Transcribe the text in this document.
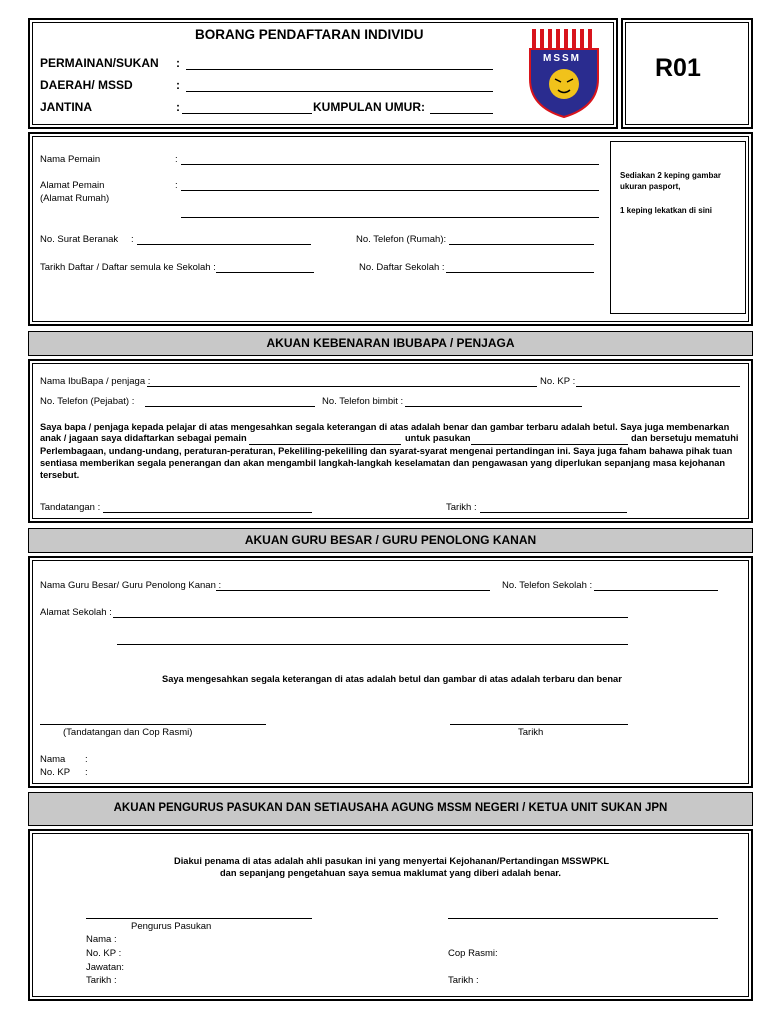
BORANG PENDAFTARAN INDIVIDU
PERMAINAN/SUKAN :
DAERAH/ MSSD	:
JANTINA	:	KUMPULAN UMUR:
MSSM	R01
Sediakan 2 keping gambar ukuran pasport,
1 keping lekatkan di sini
Nama Pemain	:
Alamat Pemain
(Alamat Rumah)
:
No. Surat Beranak :	No. Telefon (Rumah):
Tarikh Daftar / Daftar semula ke Sekolah :	No. Daftar Sekolah :
AKUAN KEBENARAN IBUBAPA / PENJAGA
Nama IbuBapa / penjaga :	No. KP :
No. Telefon (Pejabat) :	No. Telefon bimbit :
Saya bapa / penjaga kepada pelajar di atas mengesahkan segala keterangan di atas adalah benar dan gambar terbaru adalah betul. Saya juga membenarkan
anak / jagaan saya didaftarkan sebagai pemain	untuk pasukan	dan bersetuju mematuhi
Perlembagaan, undang-undang, peraturan-peraturan, Pekeliling-pekeliling dan syarat-syarat mengenai pertandingan ini. Saya juga faham bahawa pihak tuan
sentiasa memberikan segala penerangan dan akan mengambil langkah-langkah keselamatan dan pengawasan yang diperlukan sepanjang masa kejohanan
tersebut.
Tandatangan :	Tarikh :
AKUAN GURU BESAR / GURU PENOLONG KANAN
Nama Guru Besar/ Guru Penolong Kanan :	No. Telefon Sekolah :
Alamat Sekolah :
Saya mengesahkan segala keterangan di atas adalah betul dan gambar di atas adalah terbaru dan benar
(Tandatangan dan Cop Rasmi)	Tarikh
Nama :
No. KP :
AKUAN PENGURUS PASUKAN DAN SETIAUSAHA AGUNG MSSM NEGERI / KETUA UNIT SUKAN JPN
Diakui penama di atas adalah ahli pasukan ini yang menyertai Kejohanan/Pertandingan MSSWPKL
dan sepanjang pengetahuan saya semua maklumat yang diberi adalah benar.
Pengurus Pasukan
Nama :
No. KP :
Jawatan:
Tarikh :
Cop Rasmi:
Tarikh :
